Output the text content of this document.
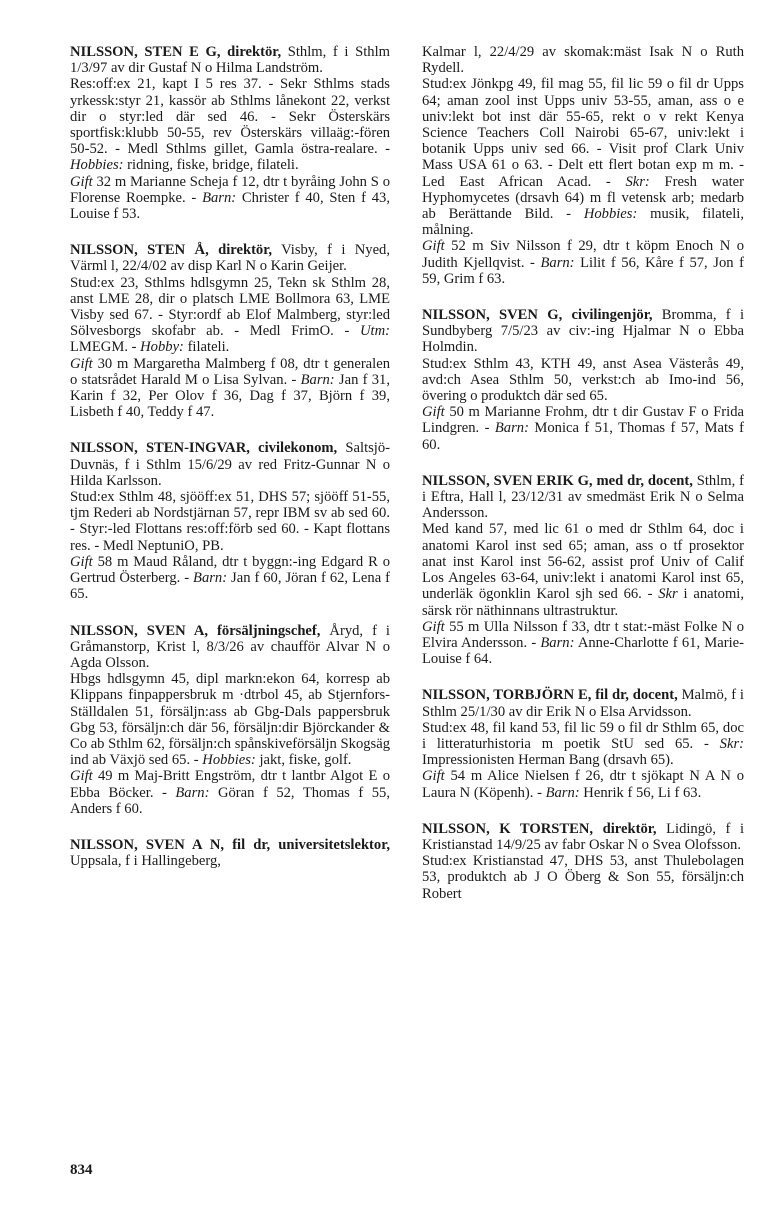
NILSSON, STEN E G, direktör, Sthlm, f i Sthlm 1/3/97 av dir Gustaf N o Hilma Landström.

Res:off:ex 21, kapt I 5 res 37. - Sekr Sthlms stads yrkessk:styr 21, kassör ab Sthlms lånekont 22, verkst dir o styr:led där sed 46. - Sekr Österskärs sportfisk:klubb 50-55, rev Österskärs villaäg:-fören 50-52. - Medl Sthlms gillet, Gamla östra-realare. - Hobbies: ridning, fiske, bridge, filateli.

Gift 32 m Marianne Scheja f 12, dtr t byråing John S o Florense Roempke. - Barn: Christer f 40, Sten f 43, Louise f 53.

NILSSON, STEN Å, direktör, Visby, f i Nyed, Värml l, 22/4/02 av disp Karl N o Karin Geijer.

Stud:ex 23, Sthlms hdlsgymn 25, Tekn sk Sthlm 28, anst LME 28, dir o platsch LME Bollmora 63, LME Visby sed 67. - Styr:ordf ab Elof Malmberg, styr:led Sölvesborgs skofabr ab. - Medl FrimO. - Utm: LMEGM. - Hobby: filateli.

Gift 30 m Margaretha Malmberg f 08, dtr t generalen o statsrådet Harald M o Lisa Sylvan. - Barn: Jan f 31, Karin f 32, Per Olov f 36, Dag f 37, Björn f 39, Lisbeth f 40, Teddy f 47.

NILSSON, STEN-INGVAR, civilekonom, Saltsjö-Duvnäs, f i Sthlm 15/6/29 av red Fritz-Gunnar N o Hilda Karlsson.

Stud:ex Sthlm 48, sjööff:ex 51, DHS 57; sjööff 51-55, tjm Rederi ab Nordstjärnan 57, repr IBM sv ab sed 60. - Styr:-led Flottans res:off:förb sed 60. - Kapt flottans res. - Medl NeptuniO, PB.

Gift 58 m Maud Råland, dtr t byggn:-ing Edgard R o Gertrud Österberg. - Barn: Jan f 60, Jöran f 62, Lena f 65.

NILSSON, SVEN A, försäljningschef, Åryd, f i Gråmanstorp, Krist l, 8/3/26 av chaufför Alvar N o Agda Olsson.

Hbgs hdlsgymn 45, dipl markn:ekon 64, korresp ab Klippans finpappersbruk m ·dtrbol 45, ab Stjernfors-Ställdalen 51, försäljn:ass ab Gbg-Dals pappersbruk Gbg 53, försäljn:ch där 56, försäljn:dir Björckander & Co ab Sthlm 62, försäljn:ch spånskiveförsäljn Skogsäg ind ab Växjö sed 65. - Hobbies: jakt, fiske, golf.

Gift 49 m Maj-Britt Engström, dtr t lantbr Algot E o Ebba Böcker. - Barn: Göran f 52, Thomas f 55, Anders f 60.

NILSSON, SVEN A N, fil dr, universitetslektor, Uppsala, f i Hallingeberg,

Kalmar l, 22/4/29 av skomak:mäst Isak N o Ruth Rydell.

Stud:ex Jönkpg 49, fil mag 55, fil lic 59 o fil dr Upps 64; aman zool inst Upps univ 53-55, aman, ass o e univ:lekt bot inst där 55-65, rekt o v rekt Kenya Science Teachers Coll Nairobi 65-67, univ:lekt i botanik Upps univ sed 66. - Visit prof Clark Univ Mass USA 61 o 63. - Delt ett flert botan exp m m. - Led East African Acad. - Skr: Fresh water Hyphomycetes (drsavh 64) m fl vetensk arb; medarb ab Berättande Bild. - Hobbies: musik, filateli, målning.

Gift 52 m Siv Nilsson f 29, dtr t köpm Enoch N o Judith Kjellqvist. - Barn: Lilit f 56, Kåre f 57, Jon f 59, Grim f 63.

NILSSON, SVEN G, civilingenjör, Bromma, f i Sundbyberg 7/5/23 av civ:-ing Hjalmar N o Ebba Holmdin.

Stud:ex Sthlm 43, KTH 49, anst Asea Västerås 49, avd:ch Asea Sthlm 50, verkst:ch ab Imo-ind 56, övering o produktch där sed 65.

Gift 50 m Marianne Frohm, dtr t dir Gustav F o Frida Lindgren. - Barn: Monica f 51, Thomas f 57, Mats f 60.

NILSSON, SVEN ERIK G, med dr, docent, Sthlm, f i Eftra, Hall l, 23/12/31 av smedmäst Erik N o Selma Andersson.

Med kand 57, med lic 61 o med dr Sthlm 64, doc i anatomi Karol inst sed 65; aman, ass o tf prosektor anat inst Karol inst 56-62, assist prof Univ of Calif Los Angeles 63-64, univ:lekt i anatomi Karol inst 65, underläk ögonklin Karol sjh sed 66. - Skr i anatomi, särsk rör näthinnans ultrastruktur.

Gift 55 m Ulla Nilsson f 33, dtr t stat:-mäst Folke N o Elvira Andersson. - Barn: Anne-Charlotte f 61, Marie-Louise f 64.

NILSSON, TORBJÖRN E, fil dr, docent, Malmö, f i Sthlm 25/1/30 av dir Erik N o Elsa Arvidsson.

Stud:ex 48, fil kand 53, fil lic 59 o fil dr Sthlm 65, doc i litteraturhistoria m poetik StU sed 65. - Skr: Impressionisten Herman Bang (drsavh 65).

Gift 54 m Alice Nielsen f 26, dtr t sjökapt N A N o Laura N (Köpenh). - Barn: Henrik f 56, Li f 63.

NILSSON, K TORSTEN, direktör, Lidingö, f i Kristianstad 14/9/25 av fabr Oskar N o Svea Olofsson.

Stud:ex Kristianstad 47, DHS 53, anst Thulebolagen 53, produktch ab J O Öberg & Son 55, försäljn:ch Robert

834
